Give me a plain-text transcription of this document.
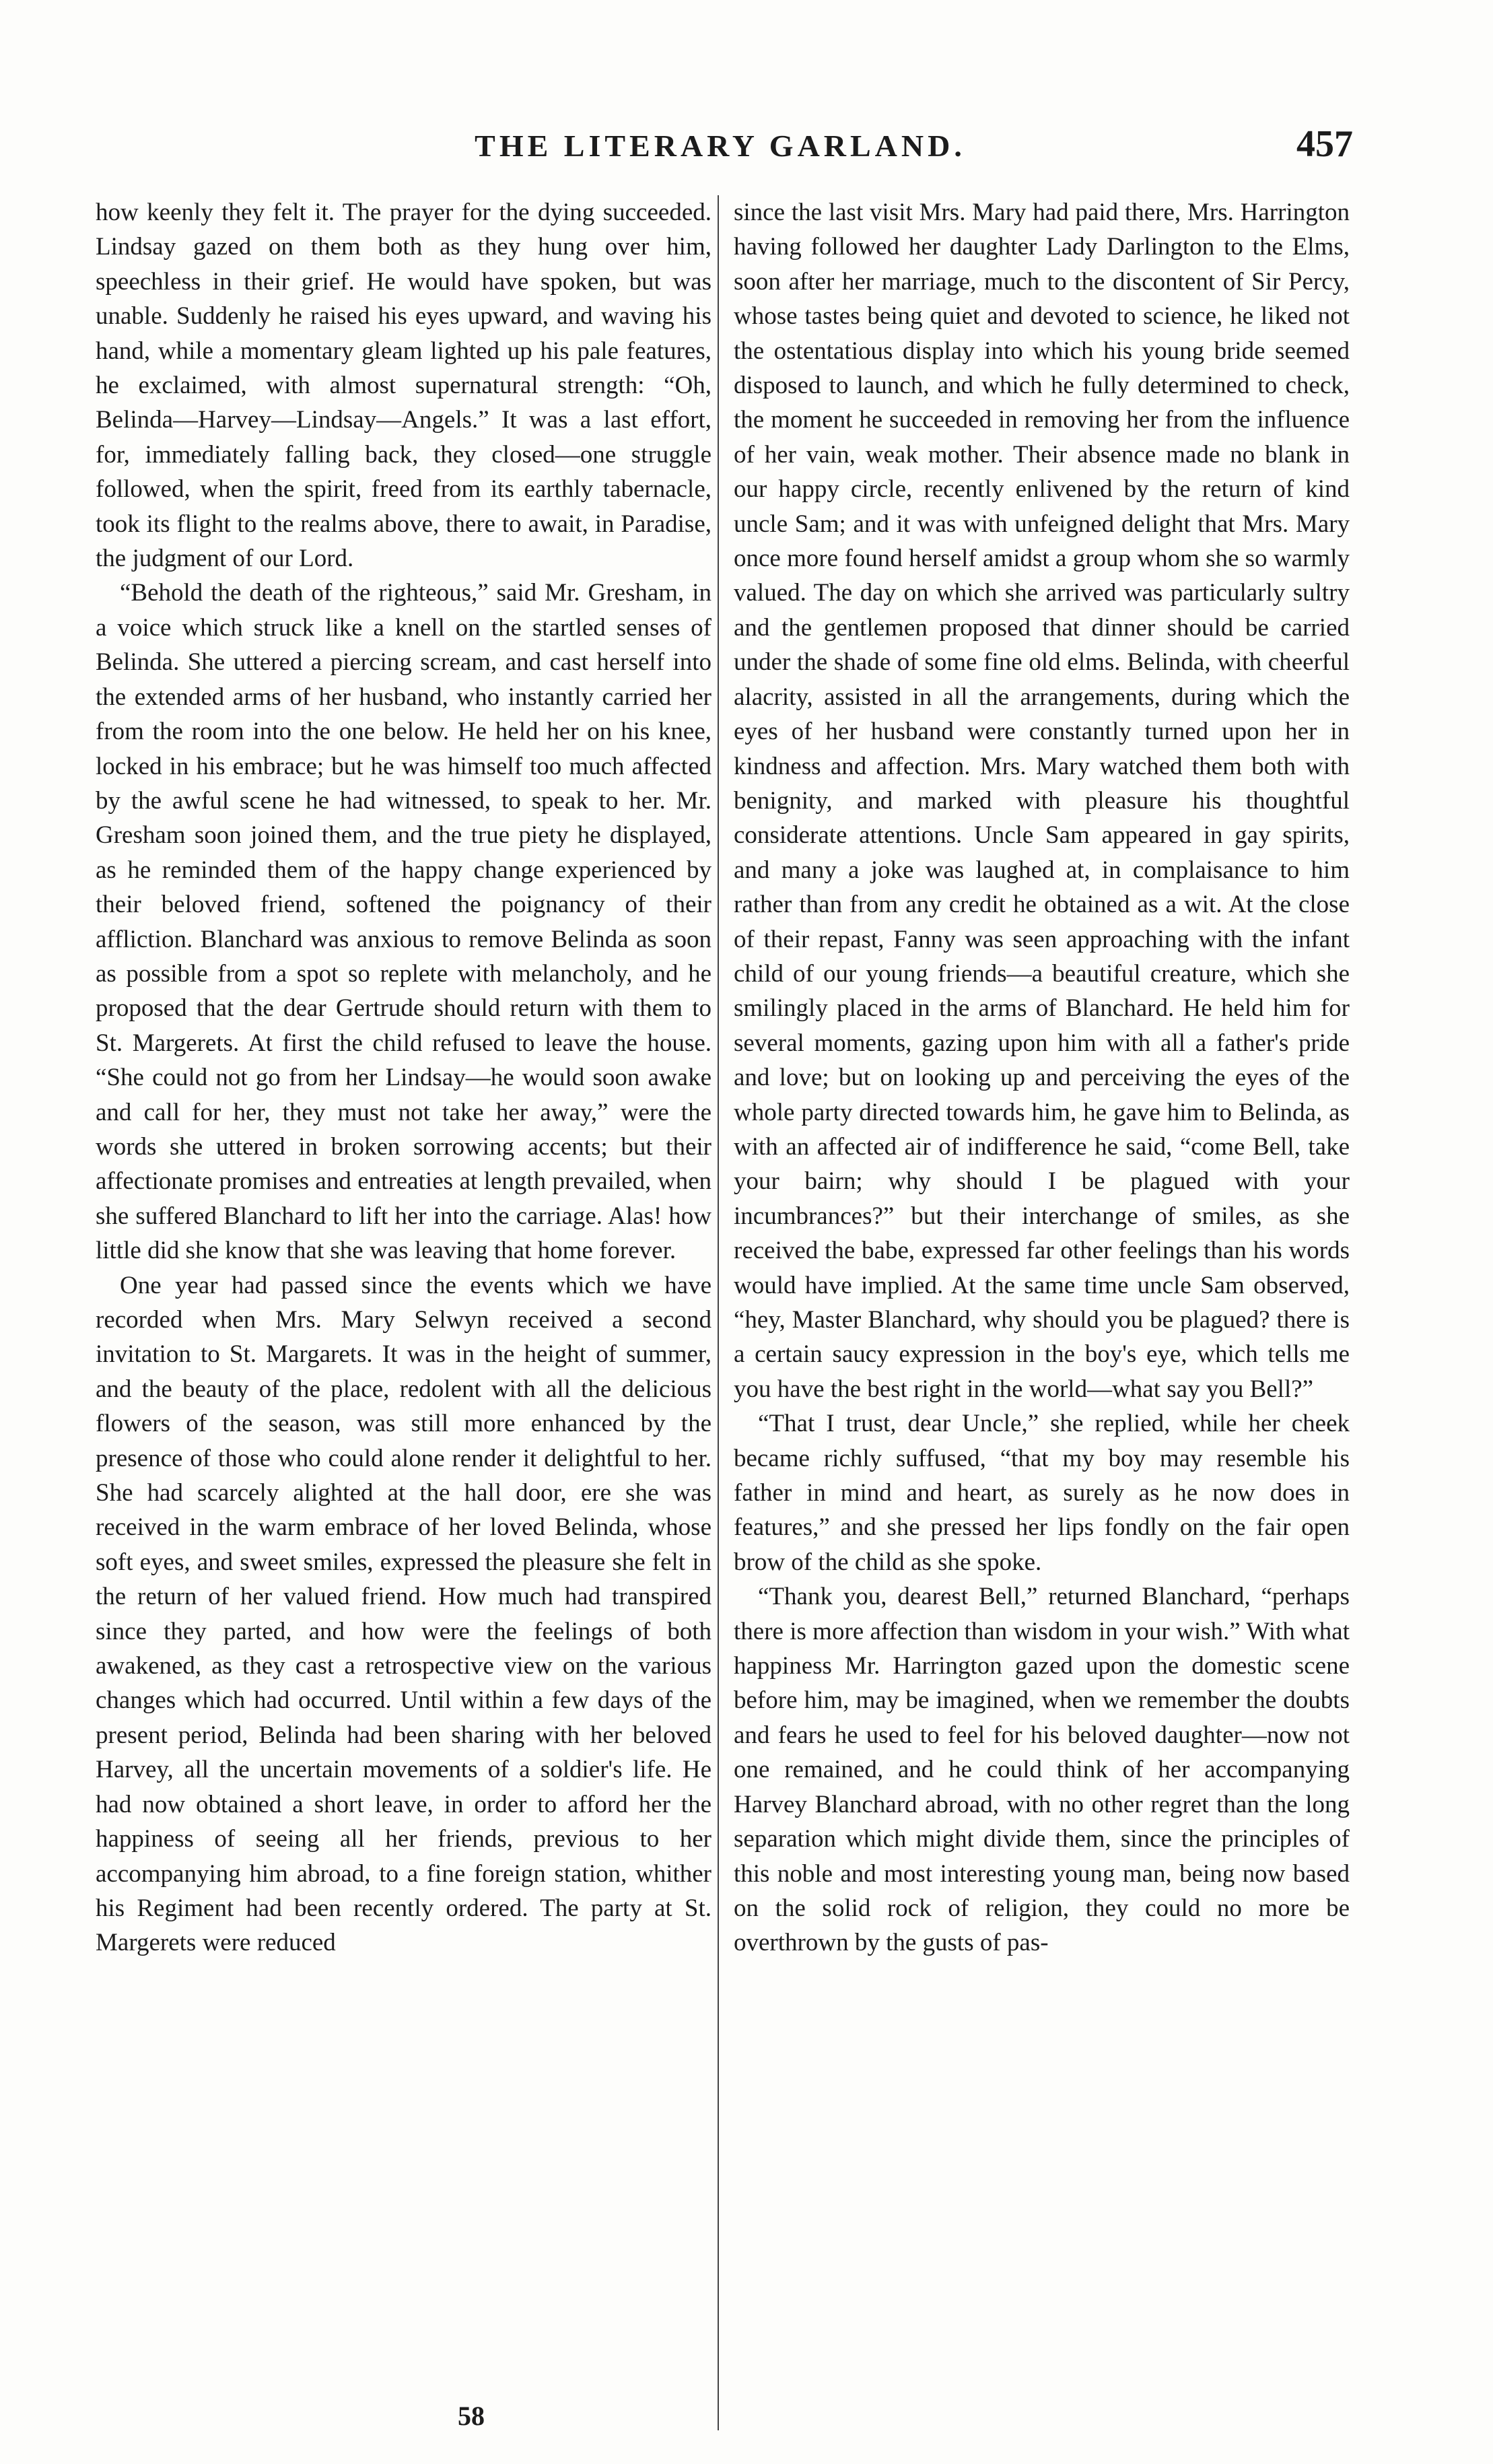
THE LITERARY GARLAND.	457

how keenly they felt it. The prayer for the dying succeeded. Lindsay gazed on them both as they hung over him, speechless in their grief. He would have spoken, but was unable. Suddenly he raised his eyes upward, and waving his hand, while a momentary gleam lighted up his pale features, he exclaimed, with almost supernatural strength: “Oh, Belinda—Harvey—Lindsay—Angels.” It was a last effort, for, immediately falling back, they closed—one struggle followed, when the spirit, freed from its earthly tabernacle, took its flight to the realms above, there to await, in Paradise, the judgment of our Lord.

“Behold the death of the righteous,” said Mr. Gresham, in a voice which struck like a knell on the startled senses of Belinda. She uttered a piercing scream, and cast herself into the extended arms of her husband, who instantly carried her from the room into the one below. He held her on his knee, locked in his embrace; but he was himself too much affected by the awful scene he had witnessed, to speak to her. Mr. Gresham soon joined them, and the true piety he displayed, as he reminded them of the happy change experienced by their beloved friend, softened the poignancy of their affliction. Blanchard was anxious to remove Belinda as soon as possible from a spot so replete with melancholy, and he proposed that the dear Gertrude should return with them to St. Margerets. At first the child refused to leave the house. “She could not go from her Lindsay—he would soon awake and call for her, they must not take her away,” were the words she uttered in broken sorrowing accents; but their affectionate promises and entreaties at length prevailed, when she suffered Blanchard to lift her into the carriage. Alas! how little did she know that she was leaving that home forever.

One year had passed since the events which we have recorded when Mrs. Mary Selwyn received a second invitation to St. Margarets. It was in the height of summer, and the beauty of the place, redolent with all the delicious flowers of the season, was still more enhanced by the presence of those who could alone render it delightful to her. She had scarcely alighted at the hall door, ere she was received in the warm embrace of her loved Belinda, whose soft eyes, and sweet smiles, expressed the pleasure she felt in the return of her valued friend. How much had transpired since they parted, and how were the feelings of both awakened, as they cast a retrospective view on the various changes which had occurred. Until within a few days of the present period, Belinda had been sharing with her beloved Harvey, all the uncertain movements of a soldier's life. He had now obtained a short leave, in order to afford her the happiness of seeing all her friends, previous to her accompanying him abroad, to a fine foreign station, whither his Regiment had been recently ordered. The party at St. Margerets were reduced

since the last visit Mrs. Mary had paid there, Mrs. Harrington having followed her daughter Lady Darlington to the Elms, soon after her marriage, much to the discontent of Sir Percy, whose tastes being quiet and devoted to science, he liked not the ostentatious display into which his young bride seemed disposed to launch, and which he fully determined to check, the moment he succeeded in removing her from the influence of her vain, weak mother. Their absence made no blank in our happy circle, recently enlivened by the return of kind uncle Sam; and it was with unfeigned delight that Mrs. Mary once more found herself amidst a group whom she so warmly valued. The day on which she arrived was particularly sultry and the gentlemen proposed that dinner should be carried under the shade of some fine old elms. Belinda, with cheerful alacrity, assisted in all the arrangements, during which the eyes of her husband were constantly turned upon her in kindness and affection. Mrs. Mary watched them both with benignity, and marked with pleasure his thoughtful considerate attentions. Uncle Sam appeared in gay spirits, and many a joke was laughed at, in complaisance to him rather than from any credit he obtained as a wit. At the close of their repast, Fanny was seen approaching with the infant child of our young friends—a beautiful creature, which she smilingly placed in the arms of Blanchard. He held him for several moments, gazing upon him with all a father's pride and love; but on looking up and perceiving the eyes of the whole party directed towards him, he gave him to Belinda, as with an affected air of indifference he said, “come Bell, take your bairn; why should I be plagued with your incumbrances?” but their interchange of smiles, as she received the babe, expressed far other feelings than his words would have implied. At the same time uncle Sam observed, “hey, Master Blanchard, why should you be plagued? there is a certain saucy expression in the boy's eye, which tells me you have the best right in the world—what say you Bell?”

“That I trust, dear Uncle,” she replied, while her cheek became richly suffused, “that my boy may resemble his father in mind and heart, as surely as he now does in features,” and she pressed her lips fondly on the fair open brow of the child as she spoke.

“Thank you, dearest Bell,” returned Blanchard, “perhaps there is more affection than wisdom in your wish.” With what happiness Mr. Harrington gazed upon the domestic scene before him, may be imagined, when we remember the doubts and fears he used to feel for his beloved daughter—now not one remained, and he could think of her accompanying Harvey Blanchard abroad, with no other regret than the long separation which might divide them, since the principles of this noble and most interesting young man, being now based on the solid rock of religion, they could no more be overthrown by the gusts of pas-

58
